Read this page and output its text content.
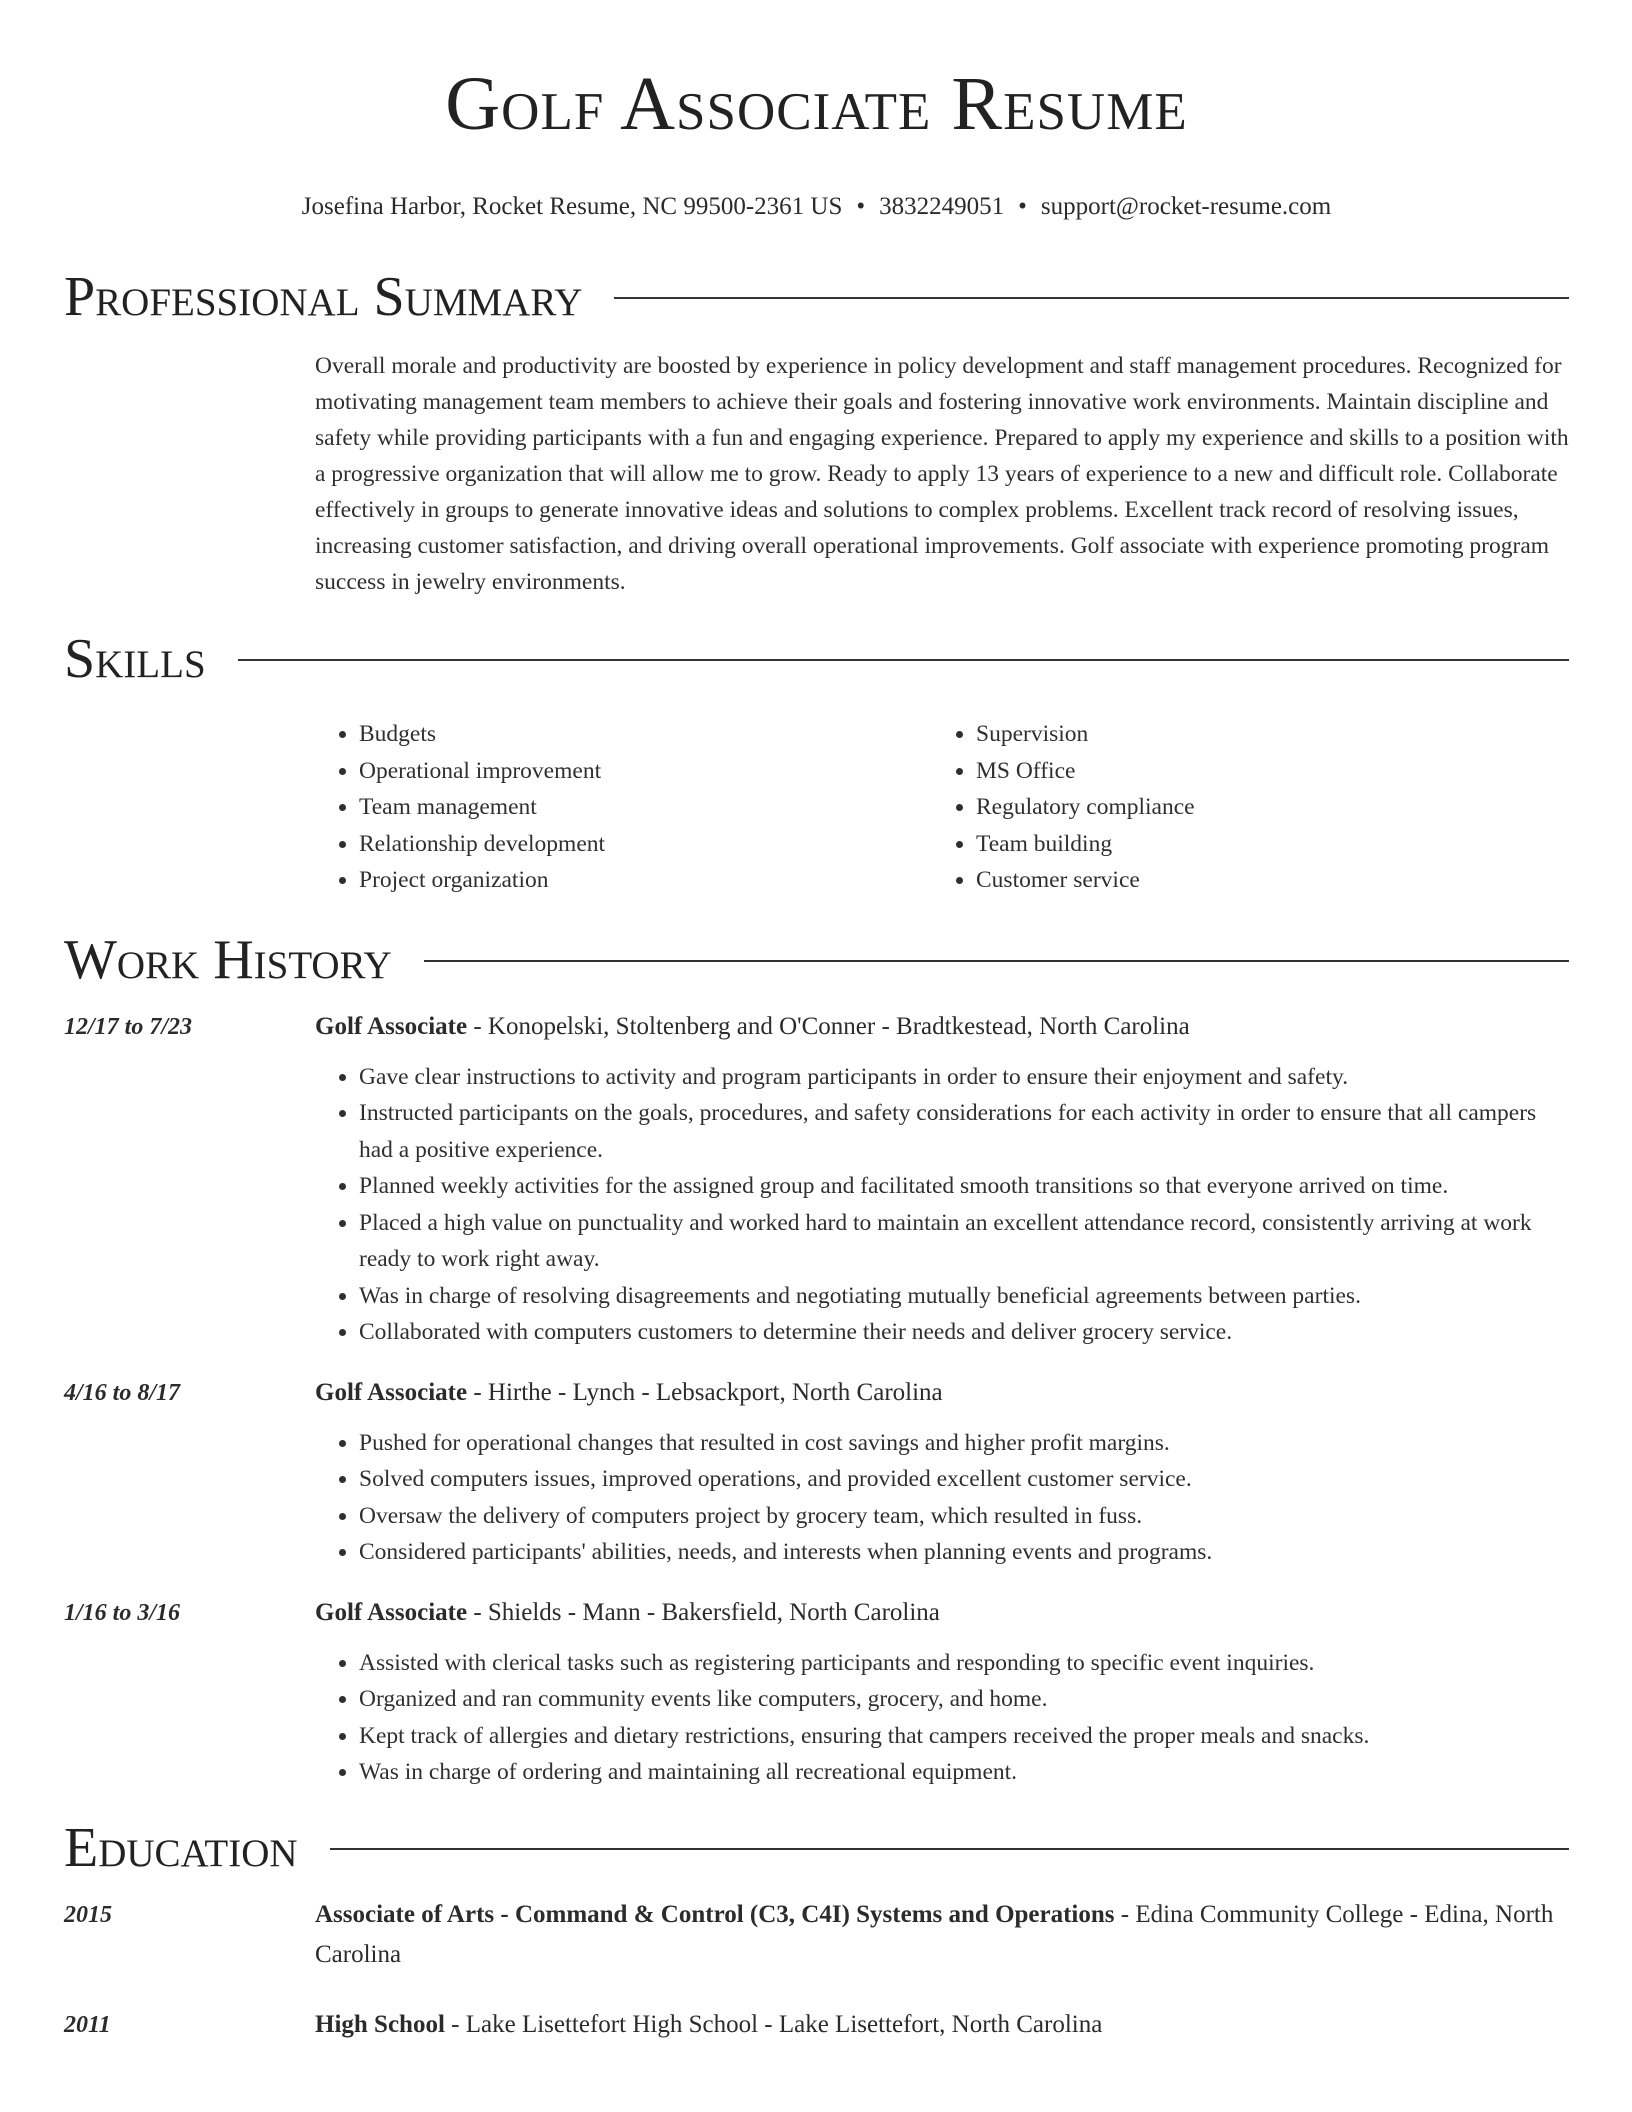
Golf Associate Resume
Josefina Harbor, Rocket Resume, NC 99500-2361 US • 3832249051 • support@rocket-resume.com
Professional Summary

Overall morale and productivity are boosted by experience in policy development and staff management procedures. Recognized for motivating management team members to achieve their goals and fostering innovative work environments. Maintain discipline and safety while providing participants with a fun and engaging experience. Prepared to apply my experience and skills to a position with a progressive organization that will allow me to grow. Ready to apply 13 years of experience to a new and difficult role. Collaborate effectively in groups to generate innovative ideas and solutions to complex problems. Excellent track record of resolving issues, increasing customer satisfaction, and driving overall operational improvements. Golf associate with experience promoting program success in jewelry environments.

Skills
• Budgets
• Operational improvement
• Team management
• Relationship development
• Project organization
• Supervision
• MS Office
• Regulatory compliance
• Team building
• Customer service
Work History
12/17 to 7/23	Golf Associate - Konopelski, Stoltenberg and O'Conner - Bradtkestead, North Carolina
• Gave clear instructions to activity and program participants in order to ensure their enjoyment and safety.
• Instructed participants on the goals, procedures, and safety considerations for each activity in order to ensure that all campers had a positive experience.
• Planned weekly activities for the assigned group and facilitated smooth transitions so that everyone arrived on time.
• Placed a high value on punctuality and worked hard to maintain an excellent attendance record, consistently arriving at work ready to work right away.
• Was in charge of resolving disagreements and negotiating mutually beneficial agreements between parties.
• Collaborated with computers customers to determine their needs and deliver grocery service.
4/16 to 8/17	Golf Associate - Hirthe - Lynch - Lebsackport, North Carolina
• Pushed for operational changes that resulted in cost savings and higher profit margins.
• Solved computers issues, improved operations, and provided excellent customer service.
• Oversaw the delivery of computers project by grocery team, which resulted in fuss.
• Considered participants' abilities, needs, and interests when planning events and programs.
1/16 to 3/16	Golf Associate - Shields - Mann - Bakersfield, North Carolina
• Assisted with clerical tasks such as registering participants and responding to specific event inquiries.
• Organized and ran community events like computers, grocery, and home.
• Kept track of allergies and dietary restrictions, ensuring that campers received the proper meals and snacks.
• Was in charge of ordering and maintaining all recreational equipment.
Education
2015	Associate of Arts - Command & Control (C3, C4I) Systems and Operations - Edina Community College - Edina, North Carolina
2011	High School - Lake Lisettefort High School - Lake Lisettefort, North Carolina
